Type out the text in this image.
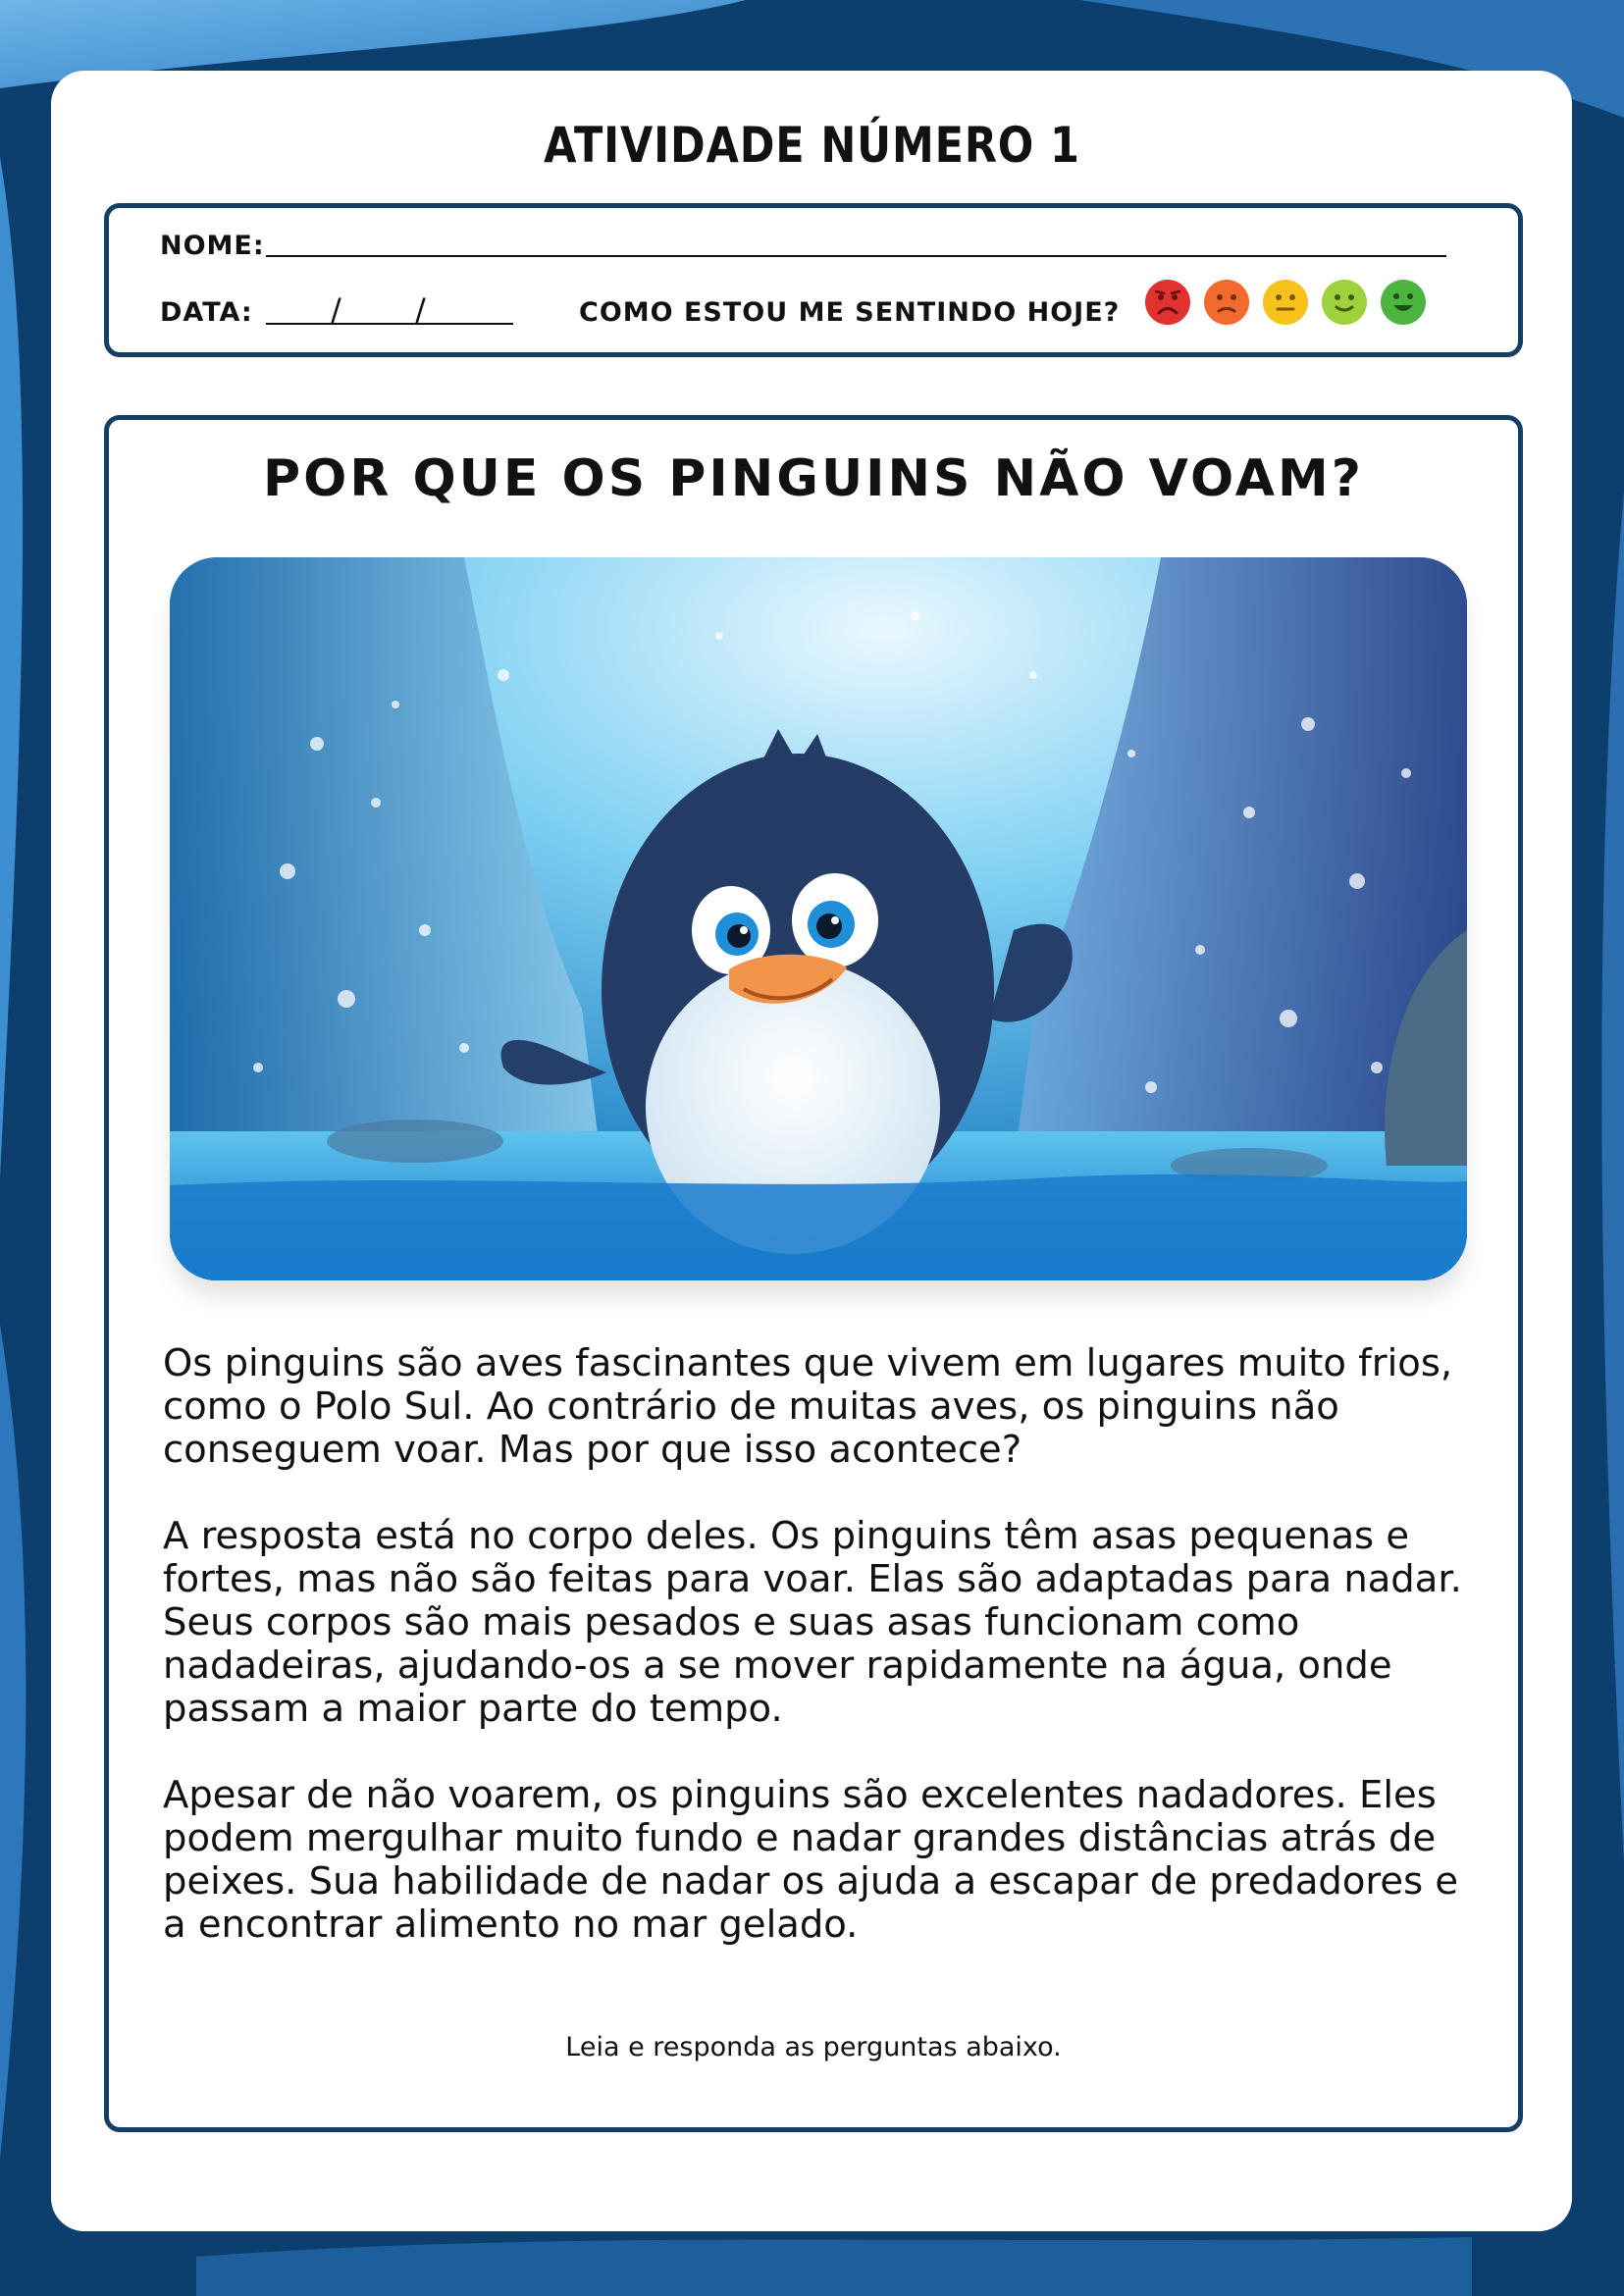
ATIVIDADE NÚMERO 1
NOME:
DATA: / /	COMO ESTOU ME SENTINDO HOJE?
POR QUE OS PINGUINS NÃO VOAM?

Os pinguins são aves fascinantes que vivem em lugares muito frios, como o Polo Sul. Ao contrário de muitas aves, os pinguins não conseguem voar. Mas por que isso acontece?

A resposta está no corpo deles. Os pinguins têm asas pequenas e fortes, mas não são feitas para voar. Elas são adaptadas para nadar. Seus corpos são mais pesados e suas asas funcionam como nadadeiras, ajudando-os a se mover rapidamente na água, onde passam a maior parte do tempo.

Apesar de não voarem, os pinguins são excelentes nadadores. Eles podem mergulhar muito fundo e nadar grandes distâncias atrás de peixes. Sua habilidade de nadar os ajuda a escapar de predadores e a encontrar alimento no mar gelado.

Leia e responda as perguntas abaixo.
